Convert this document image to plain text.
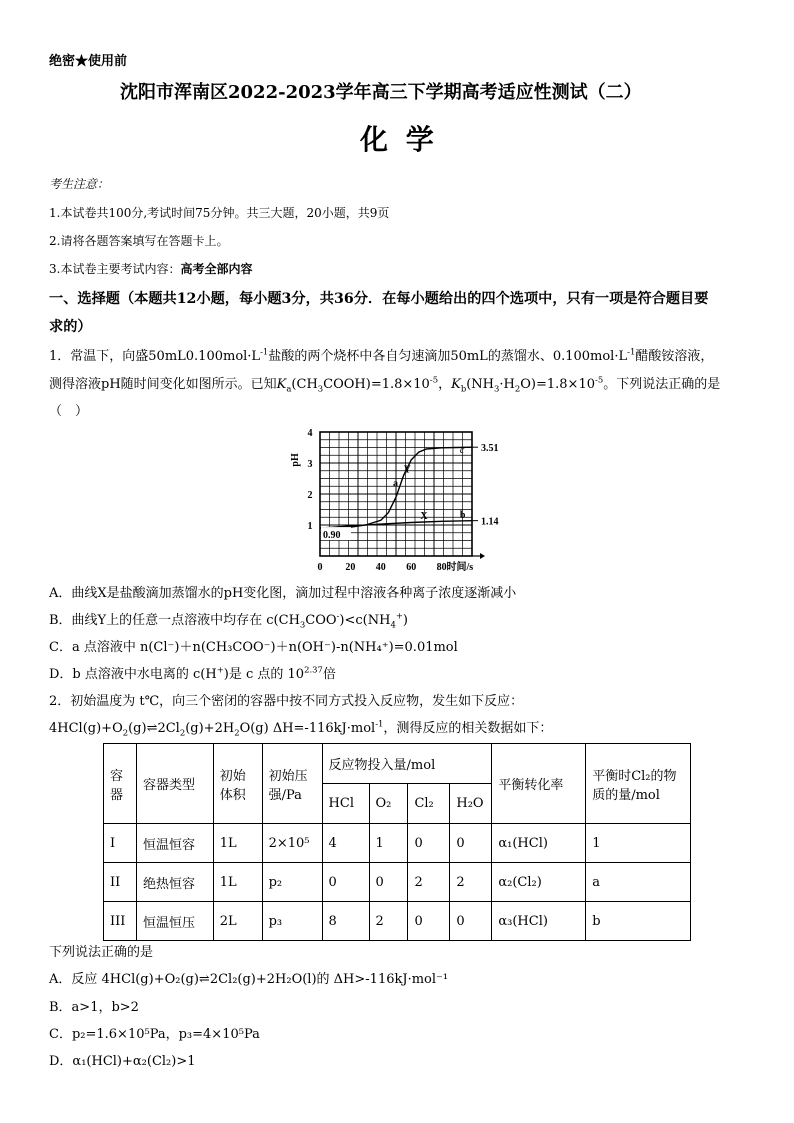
绝密★使用前
沈阳市浑南区2022-2023学年高三下学期高考适应性测试（二）
化 学
考生注意：
1.本试卷共100分,考试时间75分钟。共三大题，20小题，共9页
2.请将各题答案填写在答题卡上。
3.本试卷主要考试内容：高考全部内容
一、选择题（本题共12小题，每小题3分，共36分．在每小题给出的四个选项中，只有一项是符合题目要
求的）
1．常温下，向盛$50mL0.100mol\cdot L^{-1}$盐酸的两个烧杯中各自匀速滴加50mL的蒸馏水、$0.100mol\cdot L^{-1}$醋酸铵溶液，
测得溶液pH随时间变化如图所示。已知$K_a(CH_3COOH)=1.8\times 10^{-5}$，$K_b(NH_3\cdot H_2O)=1.8\times 10^{-5}$。下列说法正确的是
（　）
0 20 40 60 80 时间/s
1
2
3
4
pH
0.90
3.51
1.14
a
Y
c
X	b
A．曲线X是盐酸滴加蒸馏水的pH变化图，滴加过程中溶液各种离子浓度逐渐减小
B．曲线Y上的任意一点溶液中均存在 $c(CH_3COO^-)<c(NH_4^+)$
C．a 点溶液中 n(Cl⁻)＋n(CH₃COO⁻)＋n(OH⁻)-n(NH₄⁺)=0.01mol
D．b 点溶液中水电离的 c(H+)是 c 点的 $10^{2.37}$倍
2．初始温度为 t℃，向三个密闭的容器中按不同方式投入反应物，发生如下反应：
$4HCl(g)+O_2(g)\rightleftharpoons 2Cl_2(g)+2H_2O(g)$ ΔH=-116kJ·mol$^{-1}$，测得反应的相关数据如下：
容器	容器类型	初始体积	初始压强/Pa	反应物投入量/mol				平衡转化率	平衡时Cl₂的物质的量/mol
				HCl	O₂	Cl₂	H₂O		
I	恒温恒容	1L	2×10⁵	4	1	0	0	α₁(HCl)	1
II	绝热恒容	1L	p₂	0	0	2	2	α₂(Cl₂)	a
III	恒温恒压	2L	p₃	8	2	0	0	α₃(HCl)	b
下列说法正确的是
A．反应 4HCl(g)+O₂(g)⇌2Cl₂(g)+2H₂O(l)的 ΔH>-116kJ·mol⁻¹
B．a>1，b>2
C．p₂=1.6×10⁵Pa，p₃=4×10⁵Pa
D．α₁(HCl)+α₂(Cl₂)>1
